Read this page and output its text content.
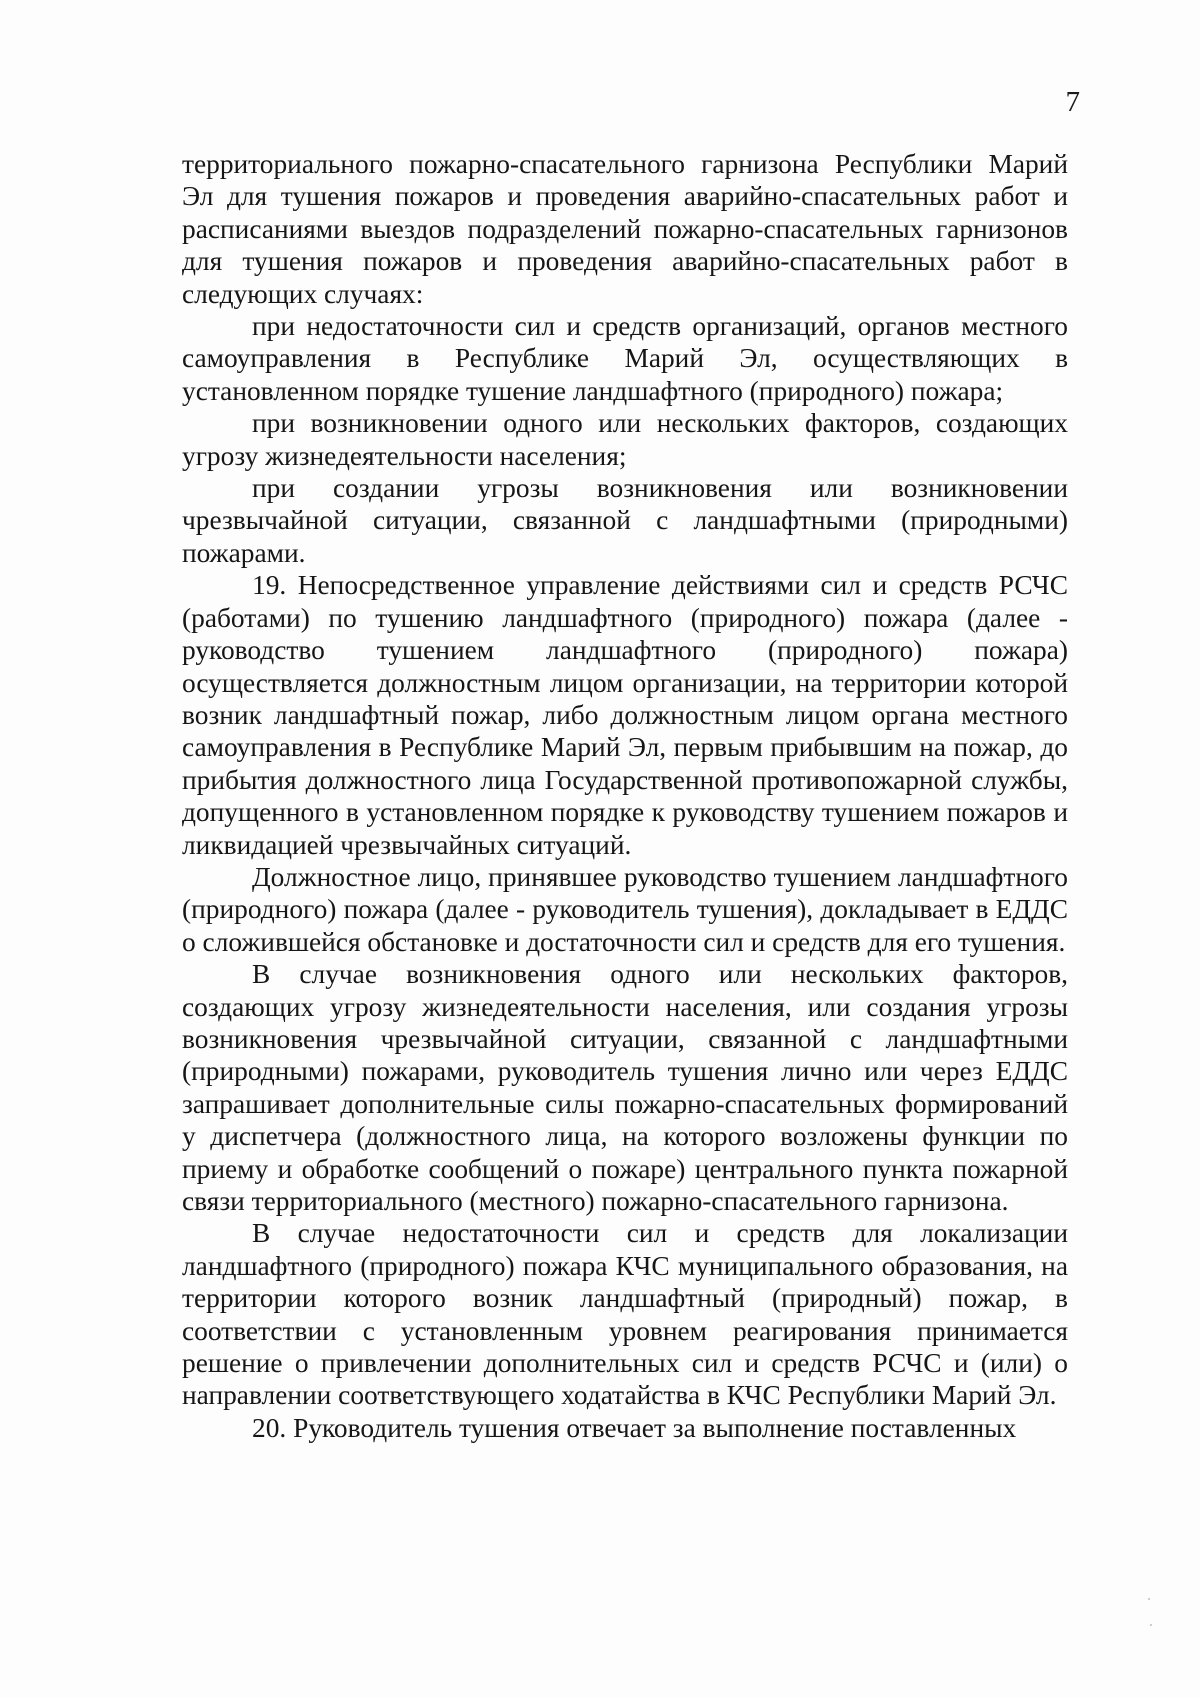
7

территориального пожарно-спасательного гарнизона Республики Марий Эл для тушения пожаров и проведения аварийно-спасательных работ и расписаниями выездов подразделений пожарно-спасательных гарнизонов для тушения пожаров и проведения аварийно-спасательных работ в следующих случаях:

при недостаточности сил и средств организаций, органов местного самоуправления в Республике Марий Эл, осуществляющих в установленном порядке тушение ландшафтного (природного) пожара;

при возникновении одного или нескольких факторов, создающих угрозу жизнедеятельности населения;

при создании угрозы возникновения или возникновении чрезвычайной ситуации, связанной с ландшафтными (природными) пожарами.

19. Непосредственное управление действиями сил и средств РСЧС (работами) по тушению ландшафтного (природного) пожара (далее - руководство тушением ландшафтного (природного) пожара) осуществляется должностным лицом организации, на территории которой возник ландшафтный пожар, либо должностным лицом органа местного самоуправления в Республике Марий Эл, первым прибывшим на пожар, до прибытия должностного лица Государственной противопожарной службы, допущенного в установленном порядке к руководству тушением пожаров и ликвидацией чрезвычайных ситуаций.

Должностное лицо, принявшее руководство тушением ландшафтного (природного) пожара (далее - руководитель тушения), докладывает в ЕДДС о сложившейся обстановке и достаточности сил и средств для его тушения.

В случае возникновения одного или нескольких факторов, создающих угрозу жизнедеятельности населения, или создания угрозы возникновения чрезвычайной ситуации, связанной с ландшафтными (природными) пожарами, руководитель тушения лично или через ЕДДС запрашивает дополнительные силы пожарно-спасательных формирований у диспетчера (должностного лица, на которого возложены функции по приему и обработке сообщений о пожаре) центрального пункта пожарной связи территориального (местного) пожарно-спасательного гарнизона.

В случае недостаточности сил и средств для локализации ландшафтного (природного) пожара КЧС муниципального образования, на территории которого возник ландшафтный (природный) пожар, в соответствии с установленным уровнем реагирования принимается решение о привлечении дополнительных сил и средств РСЧС и (или) о направлении соответствующего ходатайства в КЧС Республики Марий Эл.

20. Руководитель тушения отвечает за выполнение поставленных
